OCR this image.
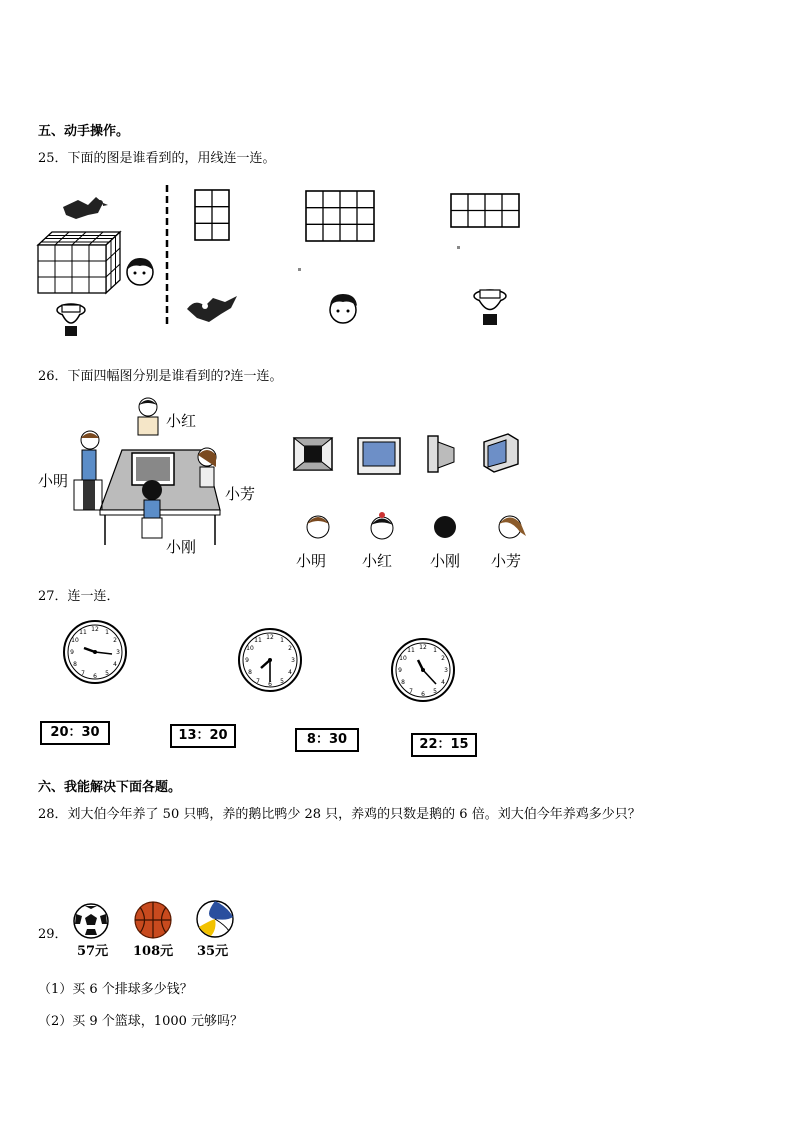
五、动手操作。
25．下面的图是谁看到的，用线连一连。
26．下面四幅图分别是谁看到的?连一连。
小红
小明
小芳
小刚
小明 小红	小刚 小芳
27．连一连．
12 1
2
3
4
5
6
7
8
9
10
11
12 1
2
3
4
5
6
7
8
9
10
11
12 1
2
3
4
5
6
7
8
9
10
11
20：30	13：20	8：30	22：15
六、我能解决下面各题。
28．刘大伯今年养了 50 只鸭，养的鹅比鸭少 28 只，养鸡的只数是鹅的 6 倍。刘大伯今年养鸡多少只？
29．
57元 108元 35元
（1）买 6 个排球多少钱？
（2）买 9 个篮球，1000 元够吗？
